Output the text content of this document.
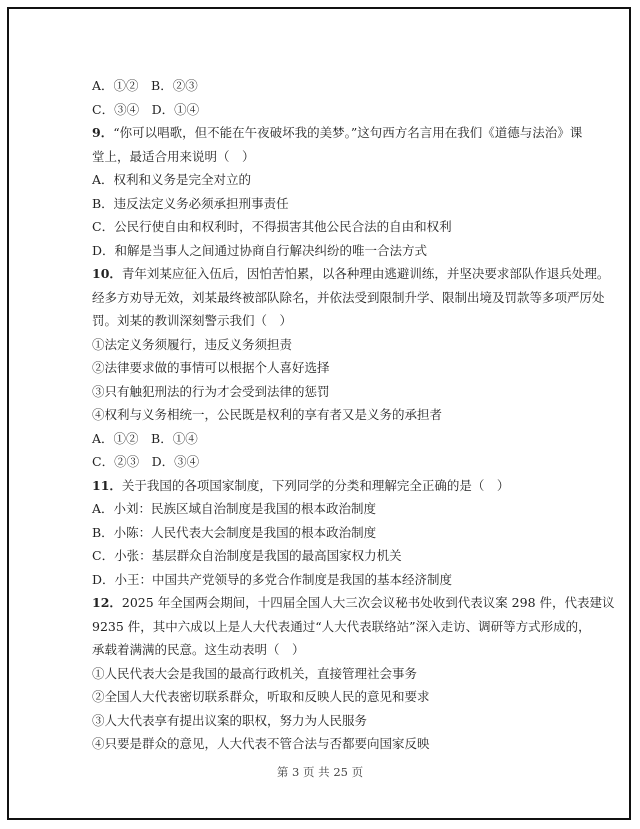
A．①②　B．②③
C．③④　D．①④
9．“你可以唱歌，但不能在午夜破坏我的美梦。”这句西方名言用在我们《道德与法治》课
堂上，最适合用来说明（　）
A．权利和义务是完全对立的
B．违反法定义务必须承担刑事责任
C．公民行使自由和权利时，不得损害其他公民合法的自由和权利
D．和解是当事人之间通过协商自行解决纠纷的唯一合法方式
10．青年刘某应征入伍后，因怕苦怕累，以各种理由逃避训练，并坚决要求部队作退兵处理。
经多方劝导无效，刘某最终被部队除名，并依法受到限制升学、限制出境及罚款等多项严厉处
罚。刘某的教训深刻警示我们（　）
①法定义务须履行，违反义务须担责
②法律要求做的事情可以根据个人喜好选择
③只有触犯刑法的行为才会受到法律的惩罚
④权利与义务相统一，公民既是权利的享有者又是义务的承担者
A．①②　B．①④
C．②③　D．③④
11．关于我国的各项国家制度，下列同学的分类和理解完全正确的是（　）
A．小刘：民族区域自治制度是我国的根本政治制度
B．小陈：人民代表大会制度是我国的根本政治制度
C．小张：基层群众自治制度是我国的最高国家权力机关
D．小王：中国共产党领导的多党合作制度是我国的基本经济制度
12．2025 年全国两会期间，十四届全国人大三次会议秘书处收到代表议案 298 件，代表建议
9235 件，其中六成以上是人大代表通过“人大代表联络站”深入走访、调研等方式形成的，
承载着满满的民意。这生动表明（　）
①人民代表大会是我国的最高行政机关，直接管理社会事务
②全国人大代表密切联系群众，听取和反映人民的意见和要求
③人大代表享有提出议案的职权，努力为人民服务
④只要是群众的意见，人大代表不管合法与否都要向国家反映
第 3 页 共 25 页
